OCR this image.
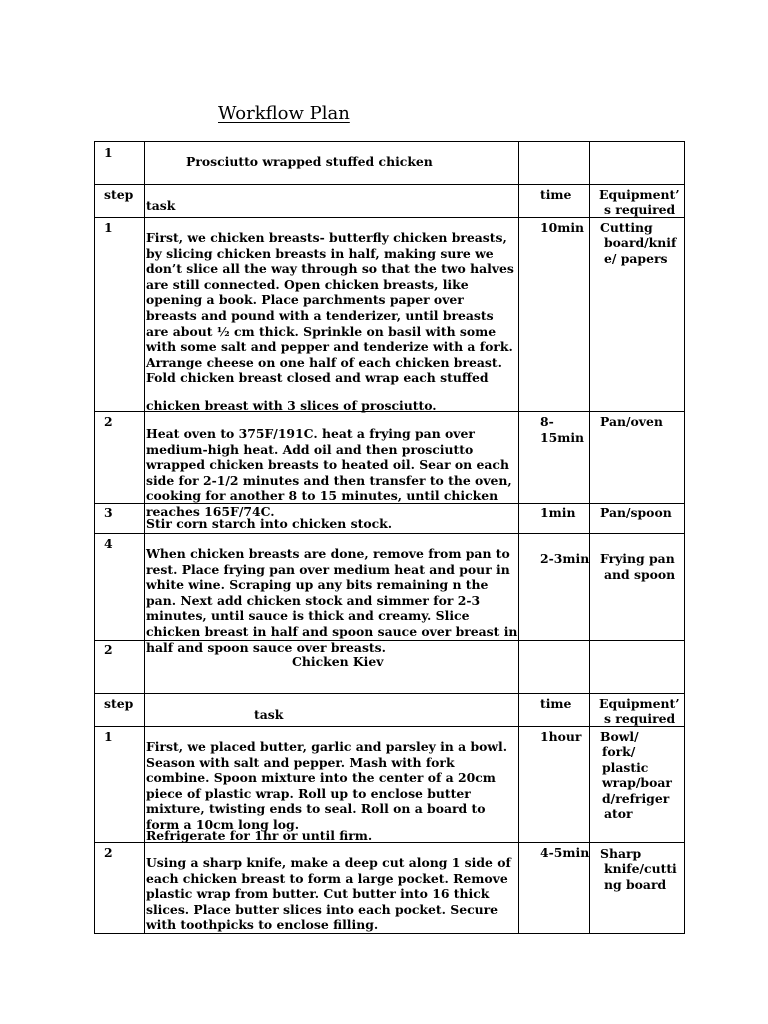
Workflow Plan
1
Prosciutto wrapped stuffed chicken
step
task
time Equipment’
s required
1
First, we chicken breasts- butterfly chicken breasts, by slicing chicken breasts in half, making sure we don’t slice all the way through so that the two halves are still connected. Open chicken breasts, like opening a book. Place parchments paper over breasts and pound with a tenderizer, until breasts are about ½ cm thick. Sprinkle on basil with some with some salt and pepper and tenderize with a fork. Arrange cheese on one half of each chicken breast. Fold chicken breast closed and wrap each stuffed
chicken breast with 3 slices of prosciutto.
10min Cutting
board/knif
e/ papers
2
Heat oven to 375F/191C. heat a frying pan over medium-high heat. Add oil and then prosciutto wrapped chicken breasts to heated oil. Sear on each side for 2-1/2 minutes and then transfer to the oven, cooking for another 8 to 15 minutes, until chicken reaches 165F/74C.
8-
15min
Pan/oven
3
Stir corn starch into chicken stock.
1min Pan/spoon
4
When chicken breasts are done, remove from pan to rest. Place frying pan over medium heat and pour in white wine. Scraping up any bits remaining n the pan. Next add chicken stock and simmer for 2-3 minutes, until sauce is thick and creamy. Slice chicken breast in half and spoon sauce over breast in half and spoon sauce over breasts.
2-3min Frying pan
and spoon
2
Chicken Kiev
step
task
time Equipment’
s required
1
First, we placed butter, garlic and parsley in a bowl. Season with salt and pepper. Mash with fork combine. Spoon mixture into the center of a 20cm piece of plastic wrap. Roll up to enclose butter mixture, twisting ends to seal. Roll on a board to form a 10cm long log.
Refrigerate for 1hr or until firm.
1hour Bowl/
fork/
plastic
wrap/boar
d/refriger
ator
2
Using a sharp knife, make a deep cut along 1 side of each chicken breast to form a large pocket. Remove plastic wrap from butter. Cut butter into 16 thick slices. Place butter slices into each pocket. Secure with toothpicks to enclose filling.
4-5min Sharp
knife/cutti
ng board
